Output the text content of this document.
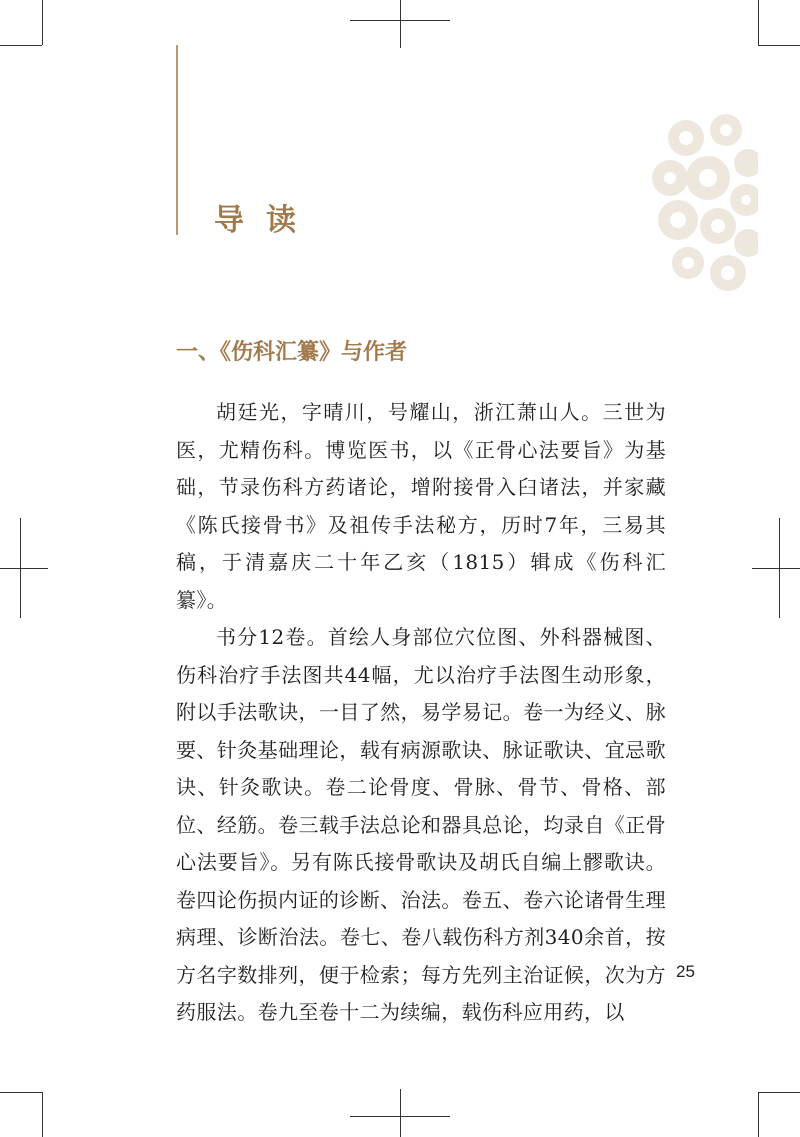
导读
一、《伤科汇纂》与作者

胡廷光，字晴川，号耀山，浙江萧山人。三世为医，尤精伤科。博览医书，以《正骨心法要旨》为基础，节录伤科方药诸论，增附接骨入臼诸法，并家藏《陈氏接骨书》及祖传手法秘方，历时7年，三易其稿，于清嘉庆二十年乙亥（1815）辑成《伤科汇纂》。

书分12卷。首绘人身部位穴位图、外科器械图、伤科治疗手法图共44幅，尤以治疗手法图生动形象，附以手法歌诀，一目了然，易学易记。卷一为经义、脉要、针灸基础理论，载有病源歌诀、脉证歌诀、宜忌歌诀、针灸歌诀。卷二论骨度、骨脉、骨节、骨格、部位、经筋。卷三载手法总论和器具总论，均录自《正骨心法要旨》。另有陈氏接骨歌诀及胡氏自编上髎歌诀。卷四论伤损内证的诊断、治法。卷五、卷六论诸骨生理病理、诊断治法。卷七、卷八载伤科方剂340余首，按方名字数排列，便于检索；每方先列主治证候，次为方药服法。卷九至卷十二为续编，载伤科应用药，以

25
